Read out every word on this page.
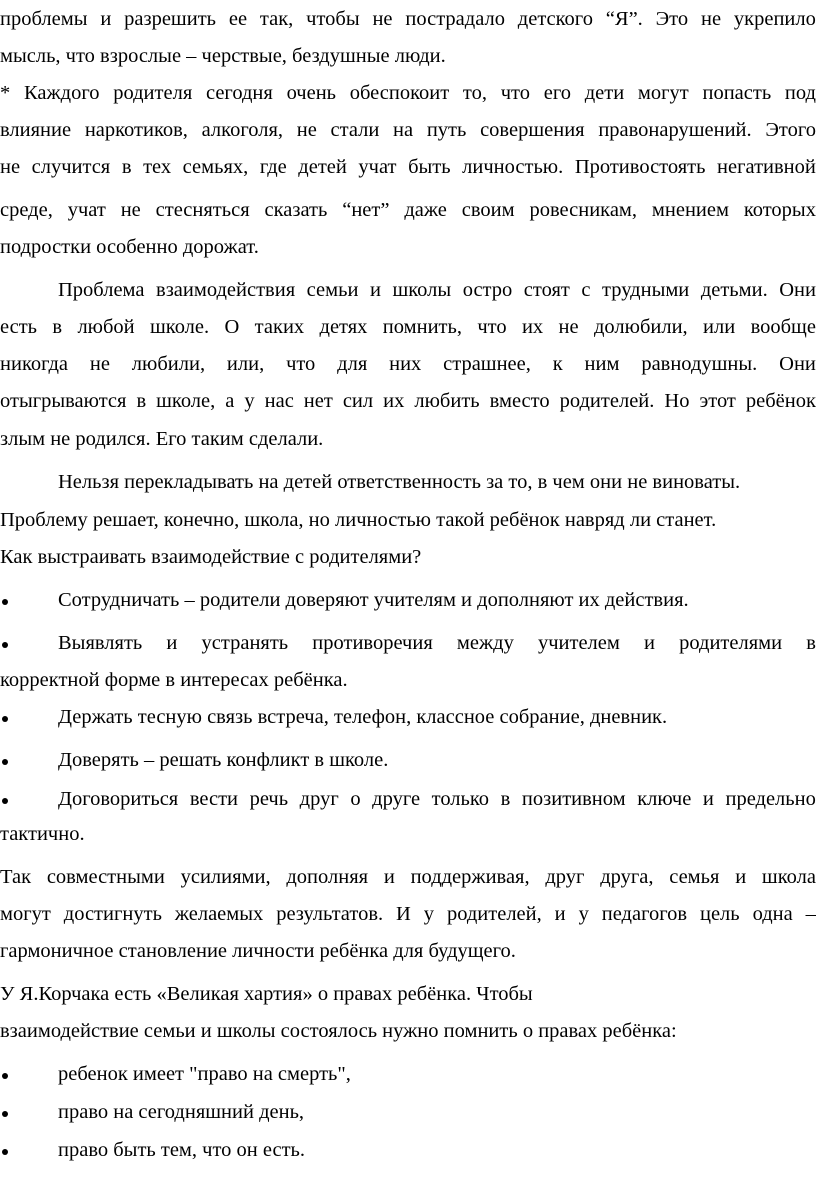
проблемы и разрешить ее так, чтобы не пострадало детского “Я”. Это не укрепило
мысль, что взрослые – черствые, бездушные люди.
* Каждого родителя сегодня очень обеспокоит то, что его дети могут попасть под
влияние наркотиков, алкоголя, не стали на путь совершения правонарушений. Этого
не случится в тех семьях, где детей учат быть личностью. Противостоять негативной
среде, учат не стесняться сказать “нет” даже своим ровесникам, мнением которых
подростки особенно дорожат.
Проблема взаимодействия семьи и школы остро стоят с трудными детьми. Они
есть в любой школе. О таких детях помнить, что их не долюбили, или вообще
никогда не любили, или, что для них страшнее, к ним равнодушны. Они
отыгрываются в школе, а у нас нет сил их любить вместо родителей. Но этот ребёнок
злым не родился. Его таким сделали.
Нельзя перекладывать на детей ответственность за то, в чем они не виноваты.
Проблему решает, конечно, школа, но личностью такой ребёнок навряд ли станет.
Как выстраивать взаимодействие с родителями?
Сотрудничать – родители доверяют учителям и дополняют их действия.
Выявлять и устранять противоречия между учителем и родителями в
корректной форме в интересах ребёнка.
Держать тесную связь встреча, телефон, классное собрание, дневник.
Доверять – решать конфликт в школе.
Договориться вести речь друг о друге только в позитивном ключе и предельно
тактично.
Так совместными усилиями, дополняя и поддерживая, друг друга, семья и школа
могут достигнуть желаемых результатов. И у родителей, и у педагогов цель одна –
гармоничное становление личности ребёнка для будущего.
У Я.Корчака есть «Великая хартия» о правах ребёнка. Чтобы
взаимодействие семьи и школы состоялось нужно помнить о правах ребёнка:
ребенок имеет "право на смерть",
право на сегодняшний день,
право быть тем, что он есть.
